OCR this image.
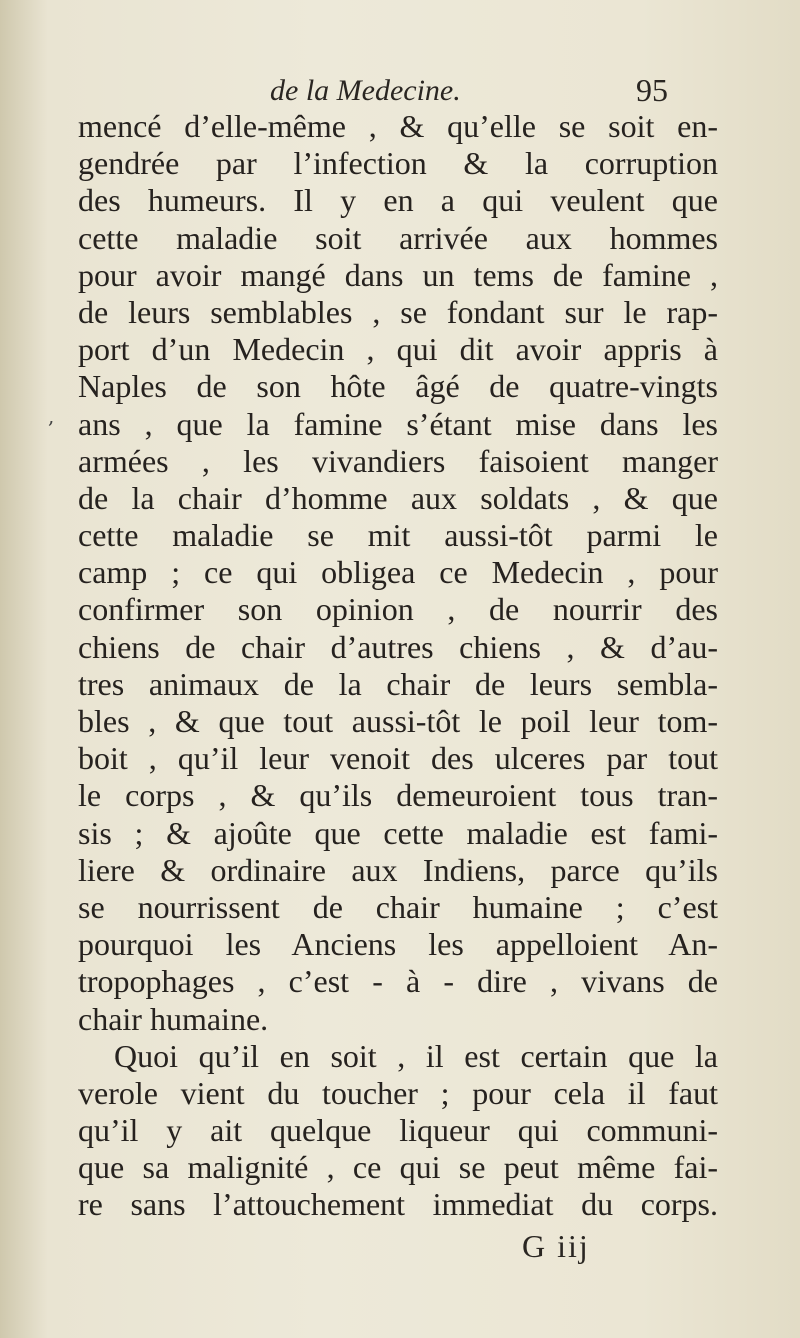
de la Medecine.	95
,
mencé d’elle-même , & qu’elle se soit en-
gendrée par l’infection & la corruption
des humeurs. Il y en a qui veulent que
cette maladie soit arrivée aux hommes
pour avoir mangé dans un tems de famine ,
de leurs semblables , se fondant sur le rap-
port d’un Medecin , qui dit avoir appris à
Naples de son hôte âgé de quatre-vingts
ans , que la famine s’étant mise dans les
armées , les vivandiers faisoient manger
de la chair d’homme aux soldats , & que
cette maladie se mit aussi-tôt parmi le
camp ; ce qui obligea ce Medecin , pour
confirmer son opinion , de nourrir des
chiens de chair d’autres chiens , & d’au-
tres animaux de la chair de leurs sembla-
bles , & que tout aussi-tôt le poil leur tom-
boit , qu’il leur venoit des ulceres par tout
le corps , & qu’ils demeuroient tous tran-
sis ; & ajoûte que cette maladie est fami-
liere & ordinaire aux Indiens, parce qu’ils
se nourrissent de chair humaine ; c’est
pourquoi les Anciens les appelloient An-
tropophages , c’est - à - dire , vivans de
chair humaine.
Quoi qu’il en soit , il est certain que la
verole vient du toucher ; pour cela il faut
qu’il y ait quelque liqueur qui communi-
que sa malignité , ce qui se peut même fai-
re sans l’attouchement immediat du corps.
G iij
